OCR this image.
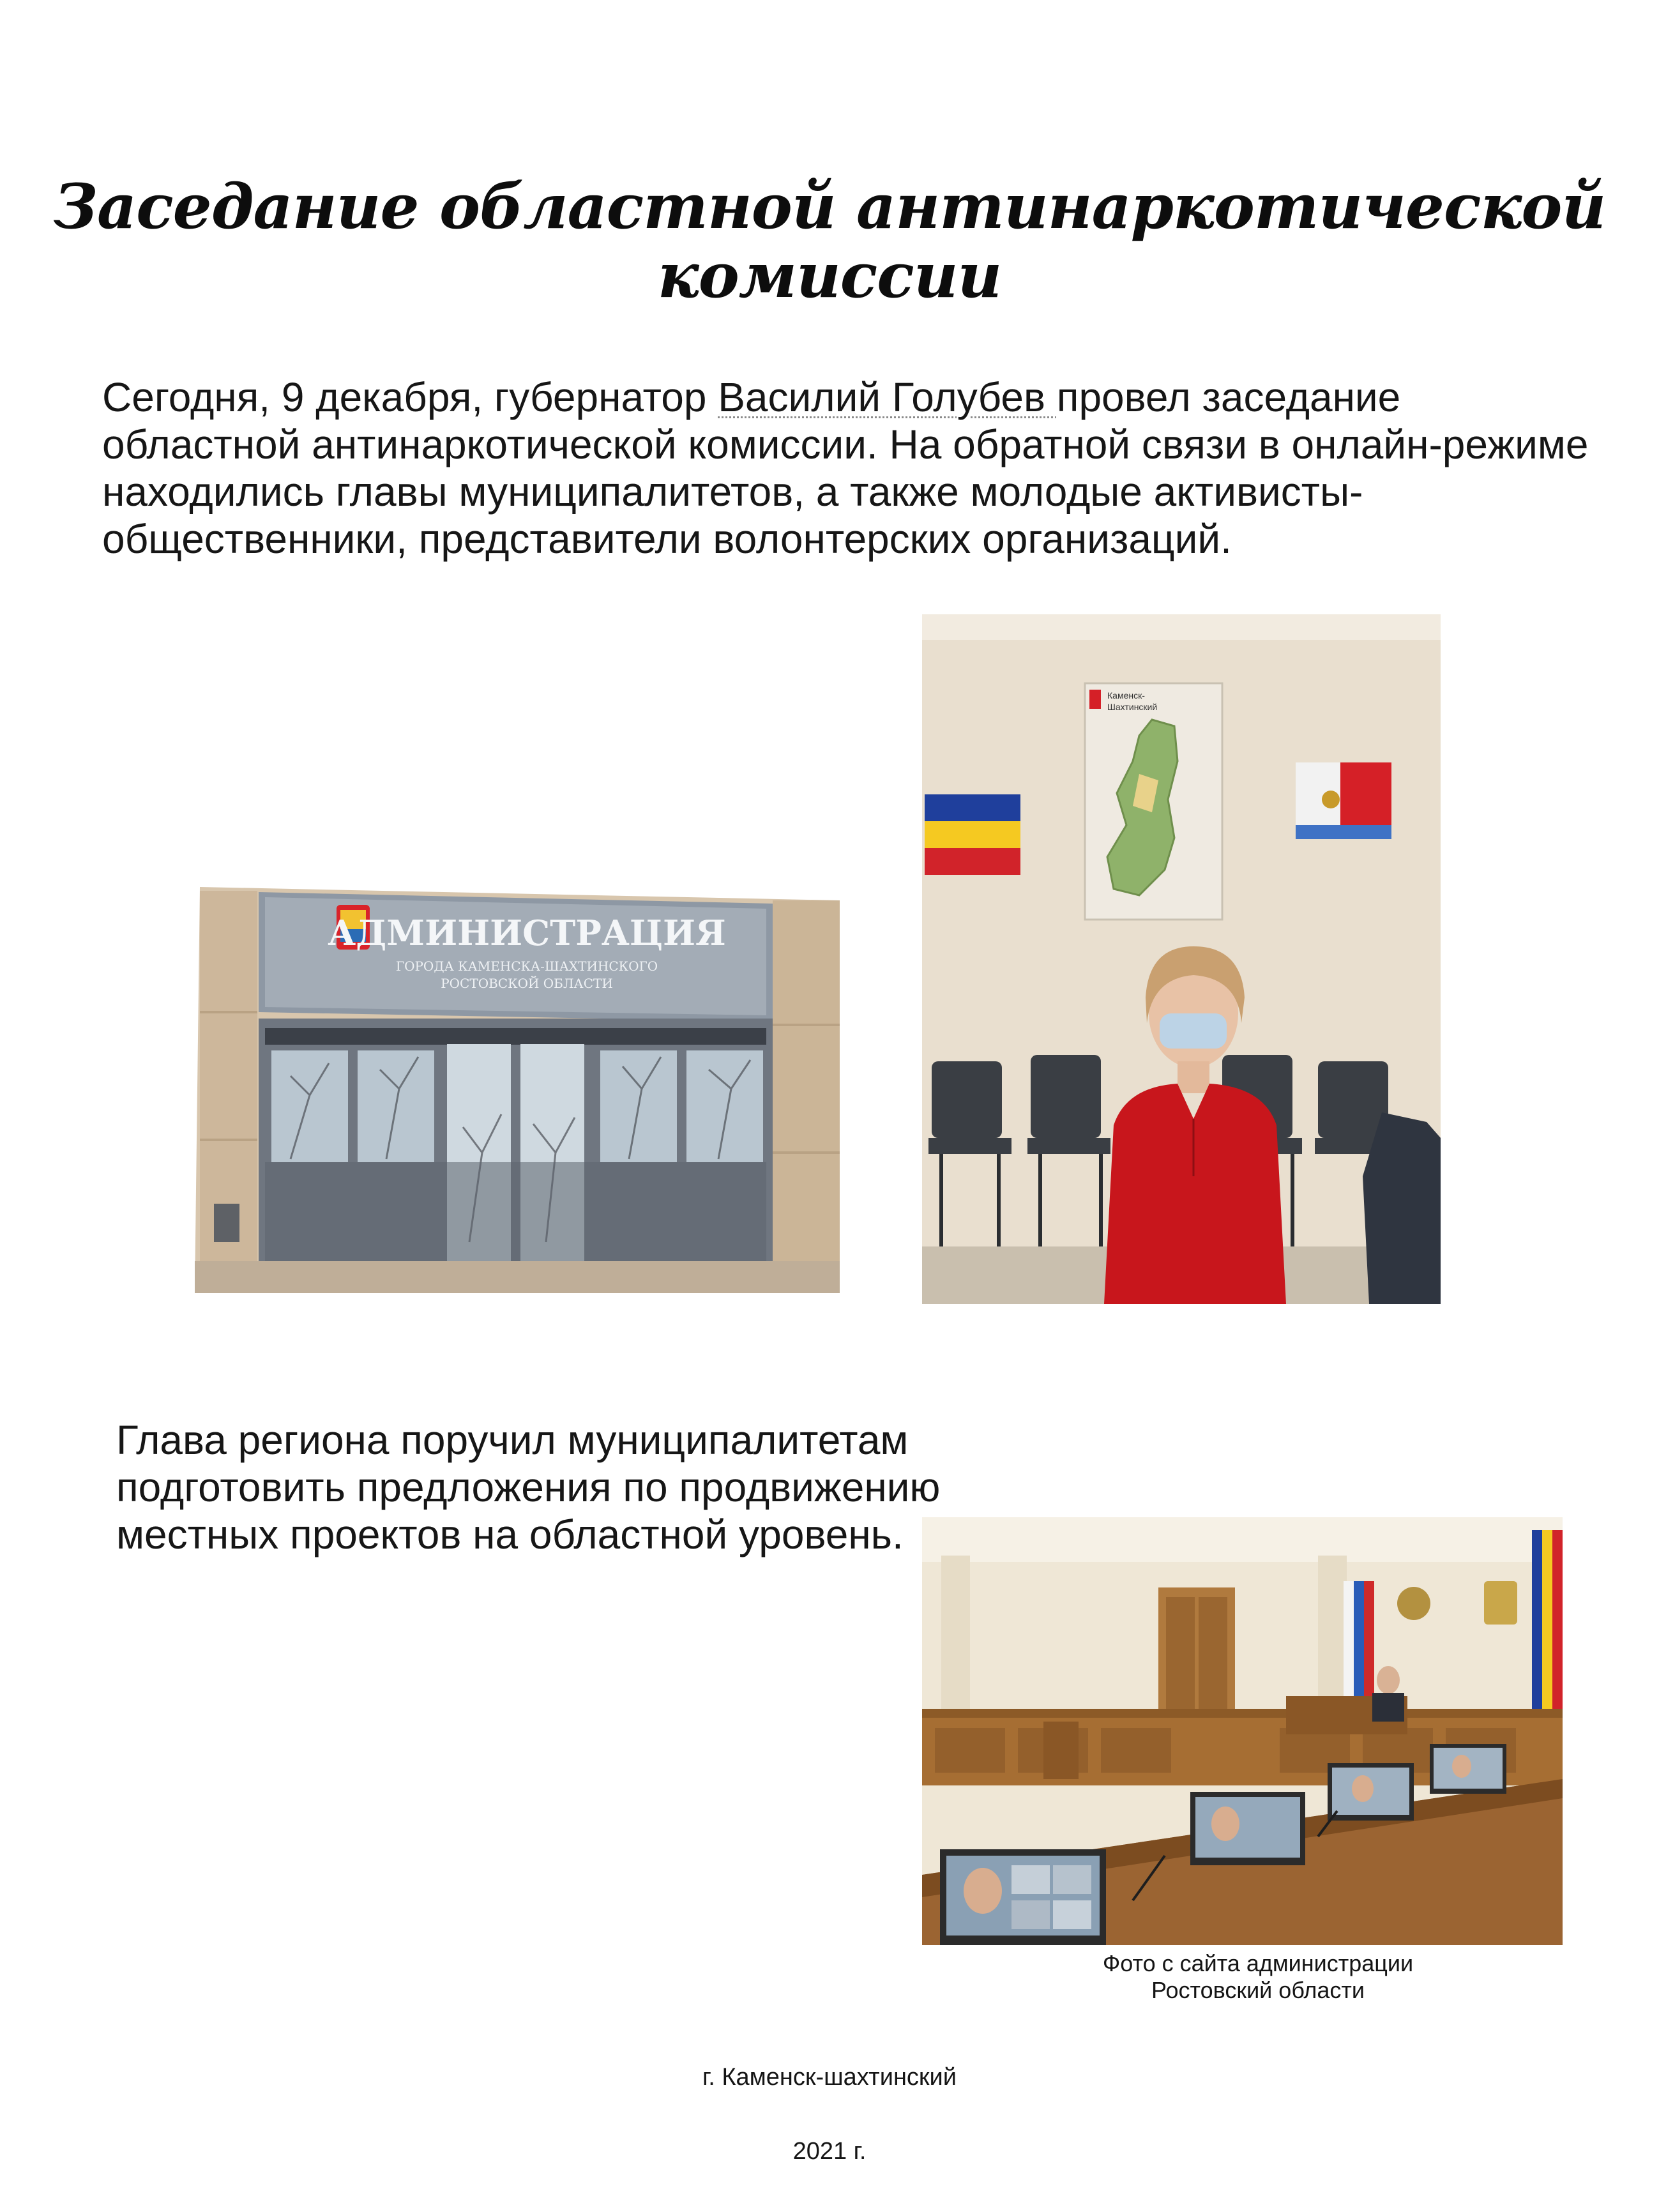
Заседание областной антинаркотической
комиссии
Сегодня, 9 декабря, губернатор Василий Голубев провел заседание областной антинаркотической комиссии. На обратной связи в онлайн-режиме находились главы муниципалитетов, а также молодые активисты-общественники, представители волонтерских организаций.
АДМИНИСТРАЦИЯ
ГОРОДА КАМЕНСКА-ШАХТИНСКОГО
РОСТОВСКОЙ ОБЛАСТИ
Каменск-
Шахтинский
Глава региона поручил муниципалитетам подготовить предложения по продвижению местных проектов на областной уровень.
Фото с сайта администрации
Ростовский области
г. Каменск-шахтинский
2021 г.
